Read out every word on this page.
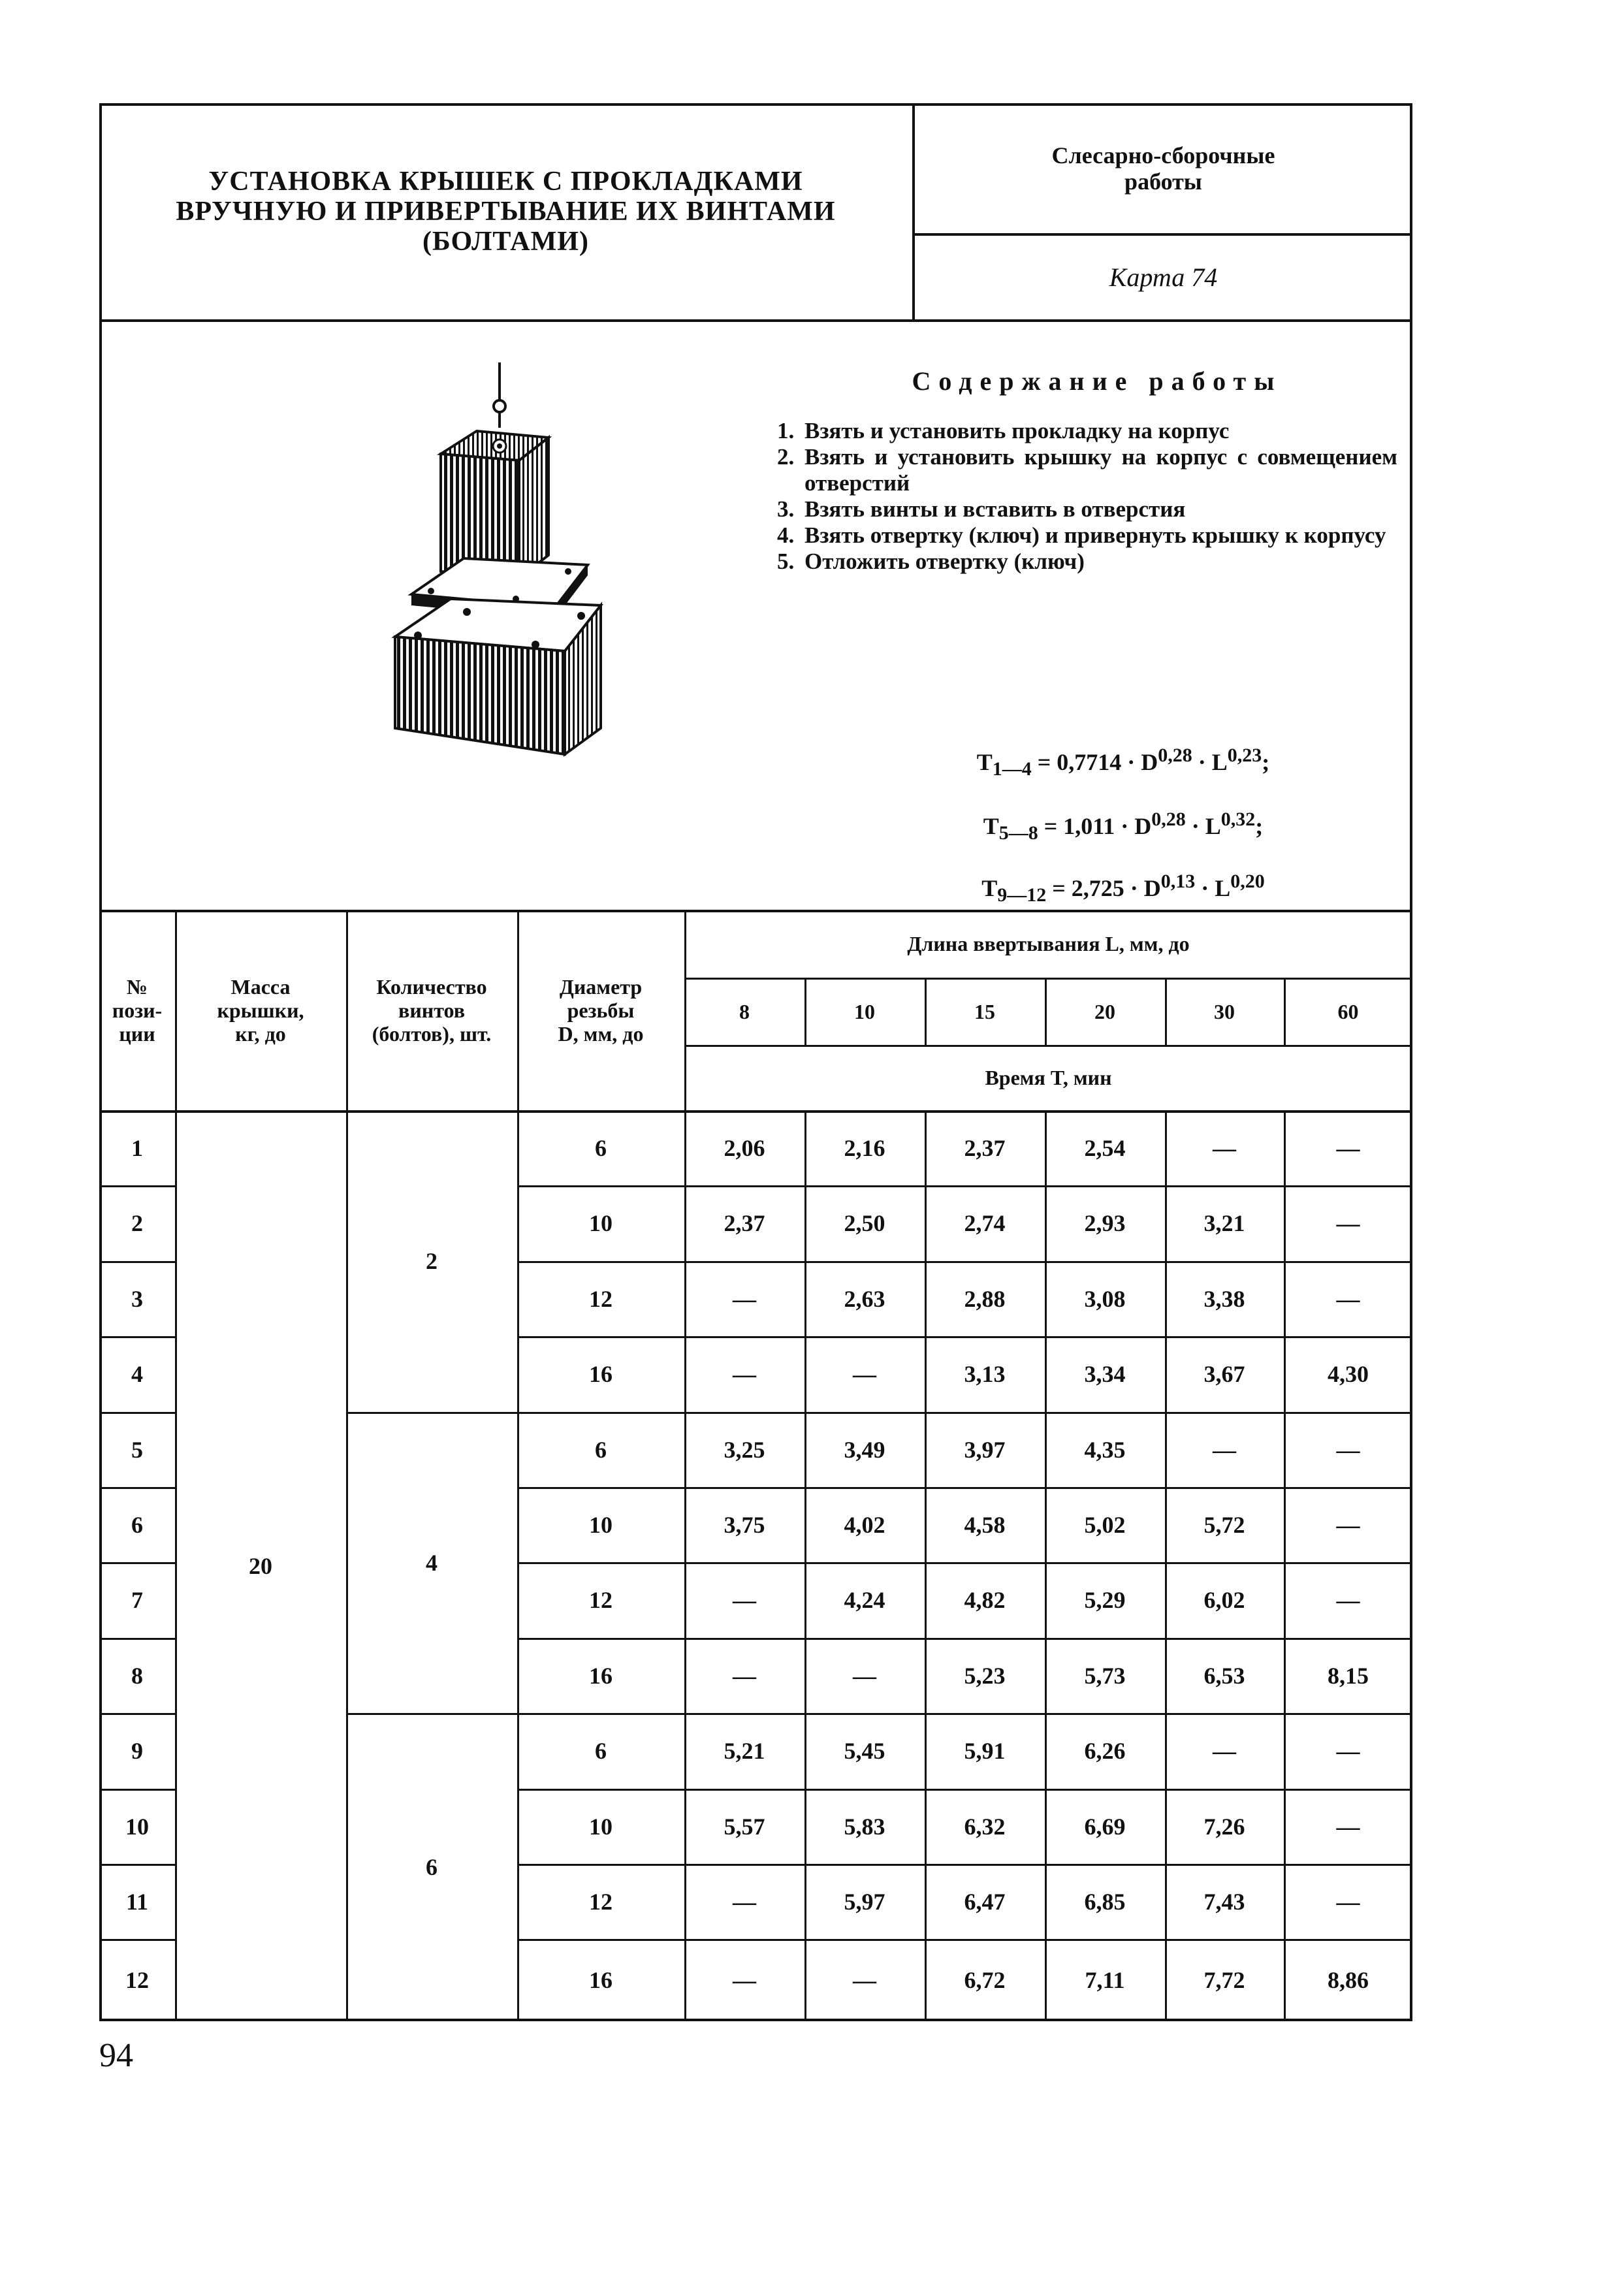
УСТАНОВКА КРЫШЕК С ПРОКЛАДКАМИ
ВРУЧНУЮ И ПРИВЕРТЫВАНИЕ ИХ ВИНТАМИ
(БОЛТАМИ)
Слесарно-сборочные
работы
Карта 74
Содержание работы
1. Взять и установить прокладку на корпус
2. Взять и установить крышку на корпус с совмещением отверстий
3. Взять винты и вставить в отверстия
4. Взять отвертку (ключ) и привернуть крышку к корпусу
5. Отложить отвертку (ключ)
$T_{1—4} = 0,7714 \cdot D^{0,28} \cdot L^{0,23}$;
$T_{5—8} = 1,011 \cdot D^{0,28} \cdot L^{0,32}$;
$T_{9—12} = 2,725 \cdot D^{0,13} \cdot L^{0,20}$
№
пози-
ции
Масса
крышки,
кг, до
Количество
винтов
(болтов), шт.
Диаметр
резьбы
D, мм, до
Длина ввертывания L, мм, до
8	10	15	20	30	60
Время T, мин
20
2
4
6
1	6	2,06	2,16	2,37	2,54	—	—
2	10	2,37	2,50	2,74	2,93	3,21	—
3	12	—	2,63	2,88	3,08	3,38	—
4	16	—	—	3,13	3,34	3,67	4,30
5	6	3,25	3,49	3,97	4,35	—	—
6	10	3,75	4,02	4,58	5,02	5,72	—
7	12	—	4,24	4,82	5,29	6,02	—
8	16	—	—	5,23	5,73	6,53	8,15
9	6	5,21	5,45	5,91	6,26	—	—
10	10	5,57	5,83	6,32	6,69	7,26	—
11	12	—	5,97	6,47	6,85	7,43	—
12	16	—	—	6,72	7,11	7,72	8,86
94
